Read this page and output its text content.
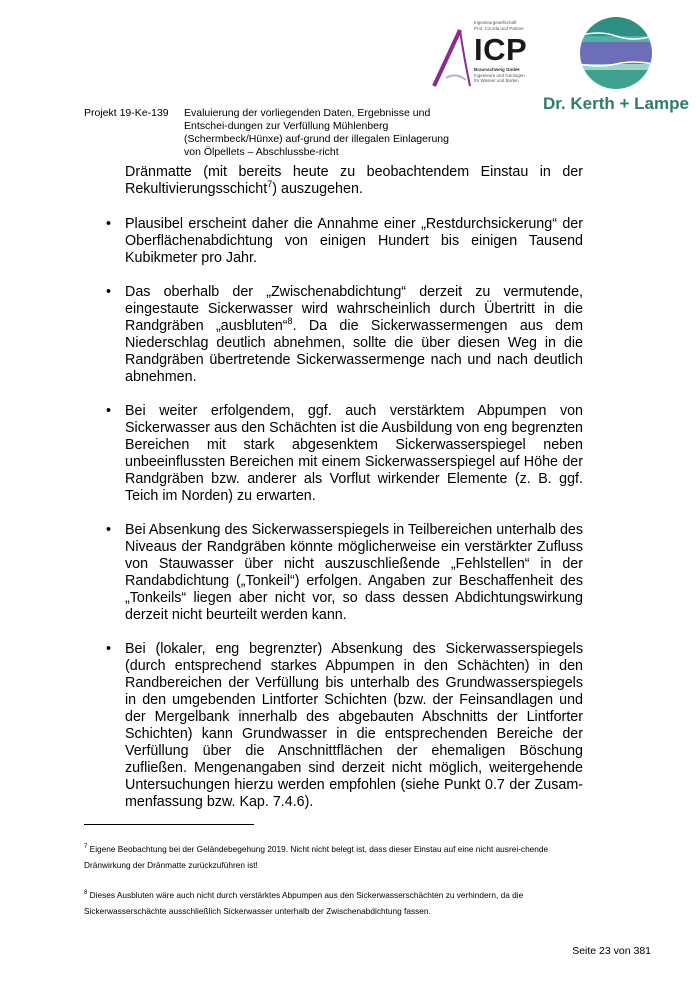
Projekt 19-Ke-139 Evaluierung der vorliegenden Daten, Ergebnisse und Entschei-dungen zur Verfüllung Mühlenberg (Schermbeck/Hünxe) auf-grund der illegalen Einlagerung von Ölpellets – Abschlussbe-richt
Ingenieurgesellschaft
Prof. Czurda und Partner
ICP
Braunschweig GmbH
Ingenieure und Geologen
für Wasser und Boden
Dr. Kerth + Lampe

Dränmatte (mit bereits heute zu beobachtendem Einstau in der Rekultivierungsschicht$^7$) auszugehen.

• Plausibel erscheint daher die Annahme einer „Restdurchsickerung“ der Oberflächenabdichtung von einigen Hundert bis einigen Tausend Kubikmeter pro Jahr.
• Das oberhalb der „Zwischenabdichtung“ derzeit zu vermutende, eingestaute Sickerwasser wird wahrscheinlich durch Übertritt in die Randgräben „ausbluten“$^8$. Da die Sickerwassermengen aus dem Niederschlag deutlich abnehmen, sollte die über diesen Weg in die Randgräben übertretende Sickerwassermenge nach und nach deutlich abnehmen.
• Bei weiter erfolgendem, ggf. auch verstärktem Abpumpen von Sickerwasser aus den Schächten ist die Ausbildung von eng begrenzten Bereichen mit stark abgesenktem Sickerwasserspiegel neben unbeeinflussten Bereichen mit einem Sickerwasserspiegel auf Höhe der Randgräben bzw. anderer als Vorflut wirkender Elemente (z. B. ggf. Teich im Norden) zu erwarten.
• Bei Absenkung des Sickerwasserspiegels in Teilbereichen unterhalb des Niveaus der Randgräben könnte möglicherweise ein verstärkter Zufluss von Stauwasser über nicht auszuschließende „Fehlstellen“ in der Randabdichtung („Tonkeil“) erfolgen. Angaben zur Beschaffenheit des „Tonkeils“ liegen aber nicht vor, so dass dessen Abdichtungswirkung derzeit nicht beurteilt werden kann.
• Bei (lokaler, eng begrenzter) Absenkung des Sickerwasserspiegels (durch entsprechend starkes Abpumpen in den Schächten) in den Randbereichen der Verfüllung bis unterhalb des Grundwasserspiegels in den umgebenden Lintforter Schichten (bzw. der Feinsandlagen und der Mergelbank innerhalb des abgebauten Abschnitts der Lintforter Schichten) kann Grundwasser in die entsprechenden Bereiche der Verfüllung über die Anschnittflächen der ehemaligen Böschung zufließen. Mengenangaben sind derzeit nicht möglich, weitergehende Untersuchungen hierzu werden empfohlen (siehe Punkt 0.7 der Zusam-menfassung bzw. Kap. 7.4.6).
$^7$ Eigene Beobachtung bei der Geländebegehung 2019. Nicht nicht belegt ist, dass dieser Einstau auf eine nicht ausrei-chende Dränwirkung der Dränmatte zurückzuführen ist!
$^8$ Dieses Ausbluten wäre auch nicht durch verstärktes Abpumpen aus den Sickerwasserschächten zu verhindern, da die Sickerwasserschächte ausschließlich Sickerwasser unterhalb der Zwischenabdichtung fassen.
Seite 23 von 381
